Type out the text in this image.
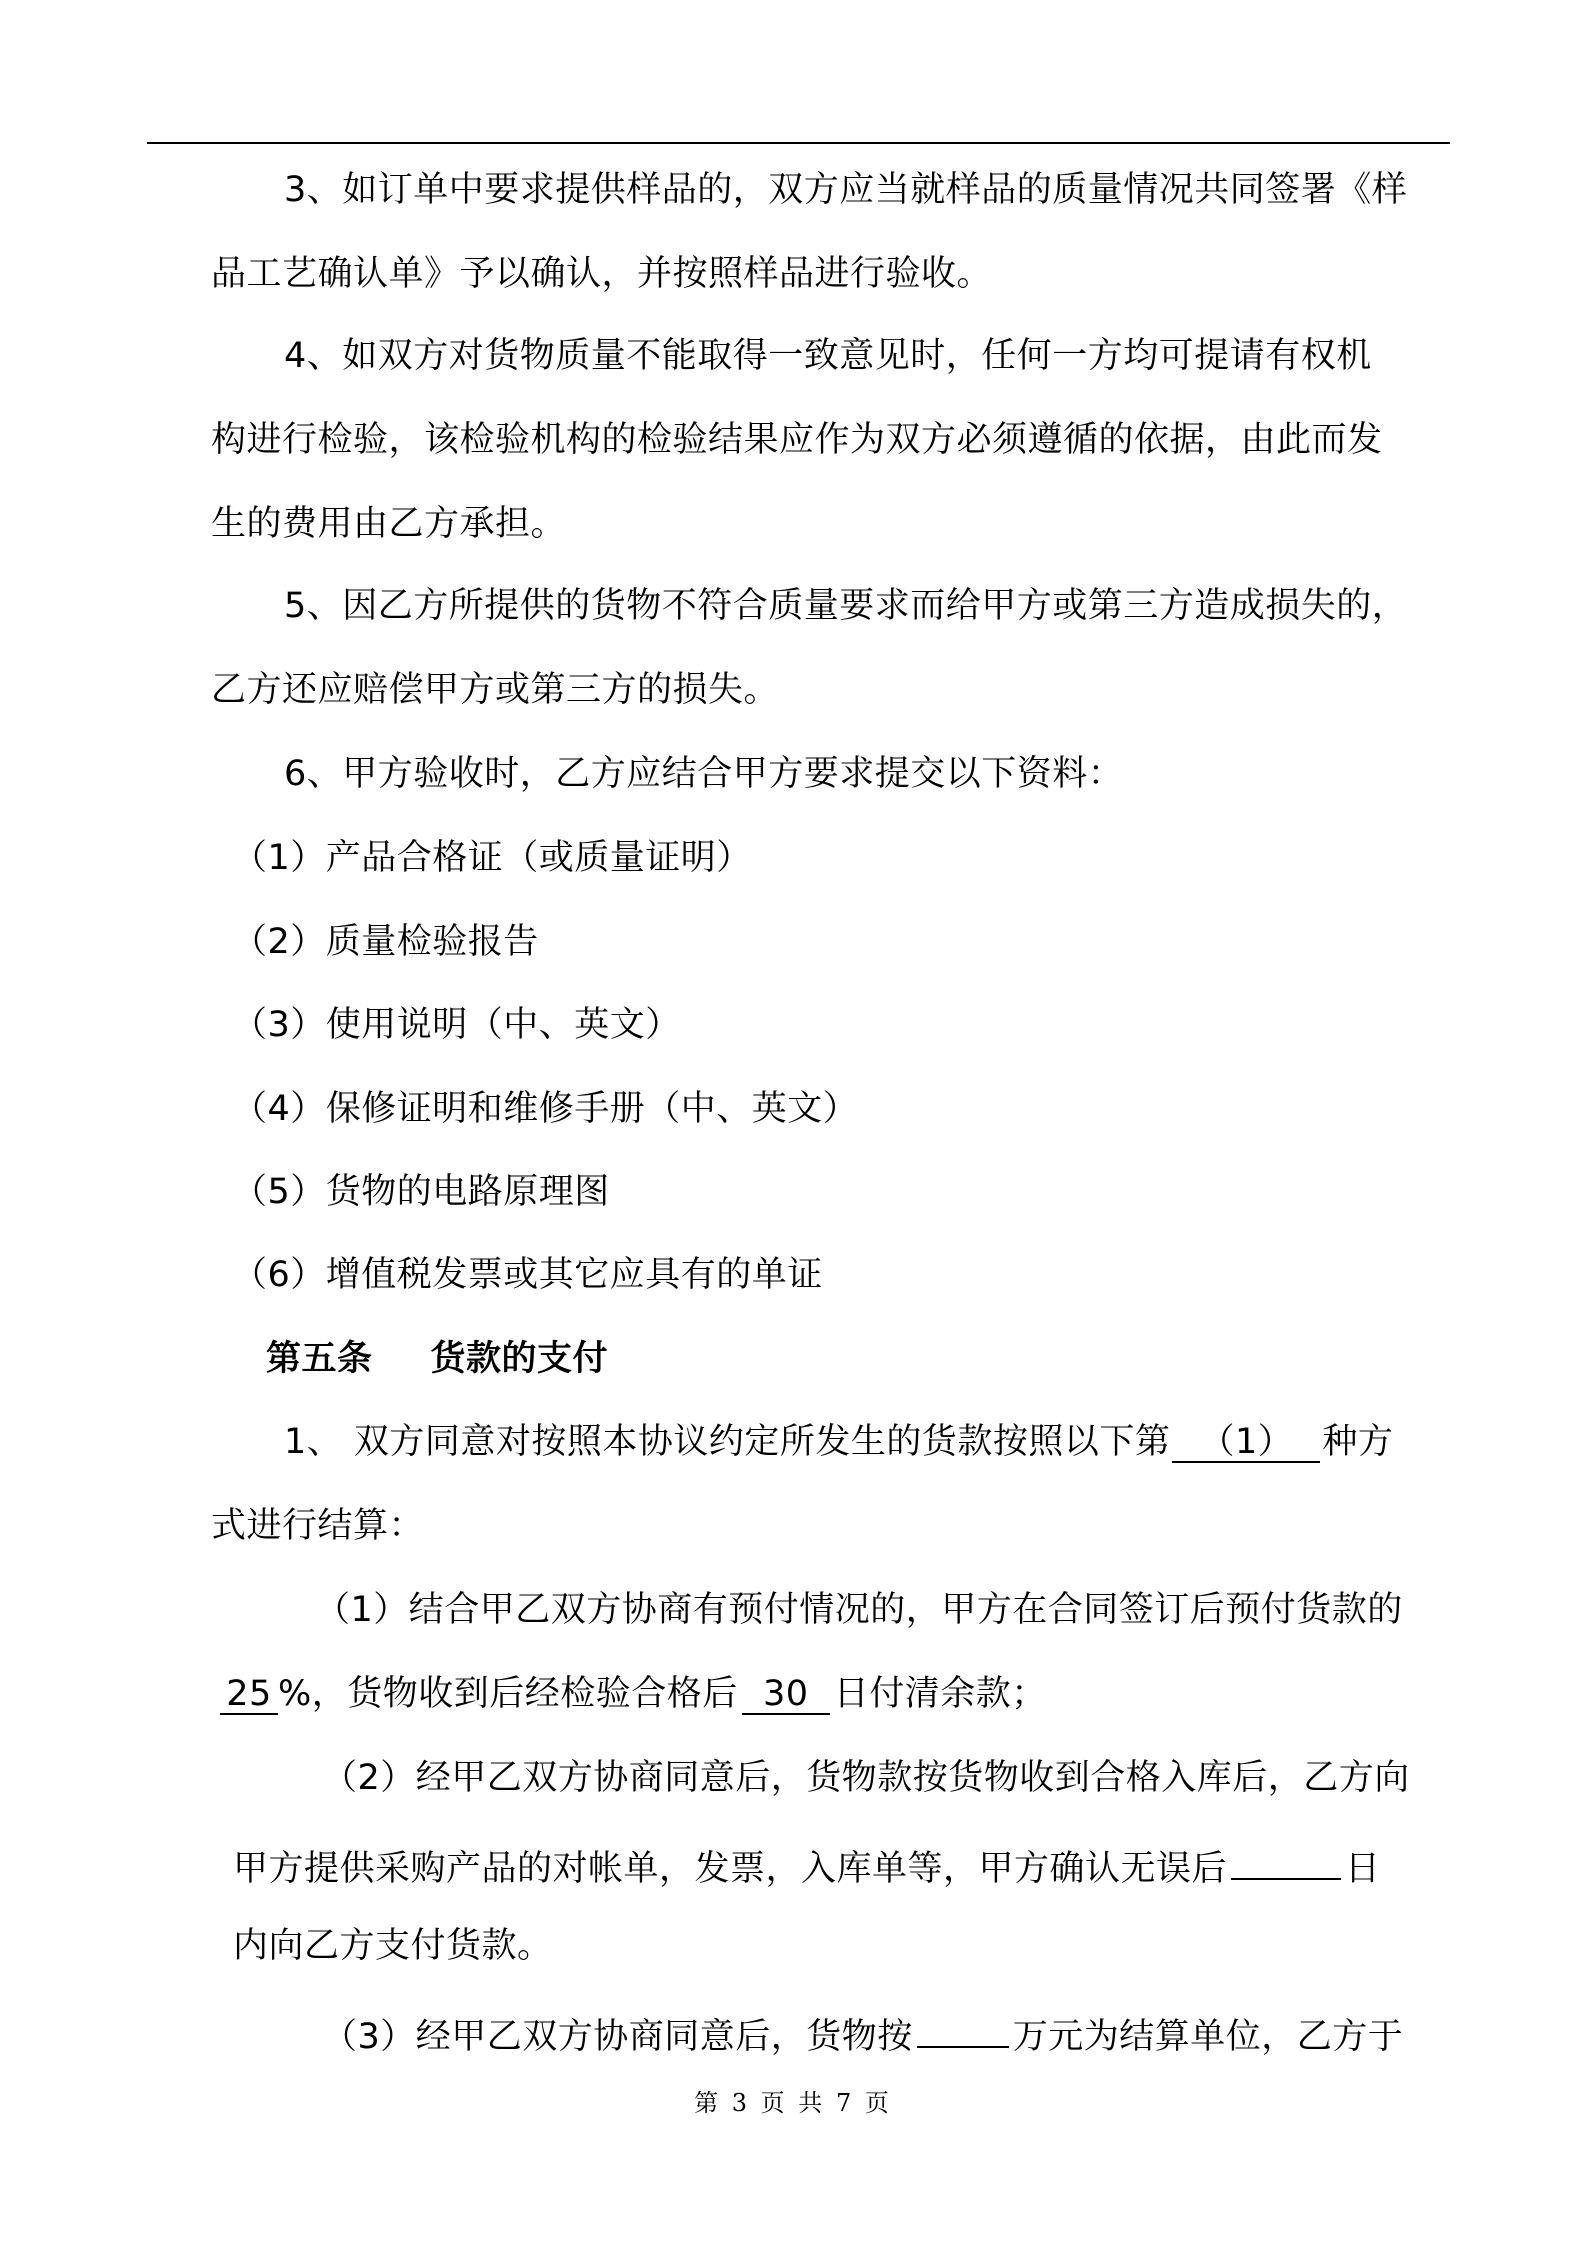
3、如订单中要求提供样品的，双方应当就样品的质量情况共同签署《样
品工艺确认单》予以确认，并按照样品进行验收。
4、如双方对货物质量不能取得一致意见时，任何一方均可提请有权机
构进行检验，该检验机构的检验结果应作为双方必须遵循的依据，由此而发
生的费用由乙方承担。
5、因乙方所提供的货物不符合质量要求而给甲方或第三方造成损失的，
乙方还应赔偿甲方或第三方的损失。
6、甲方验收时，乙方应结合甲方要求提交以下资料：
（1）产品合格证（或质量证明）
（2）质量检验报告
（3）使用说明（中、英文）
（4）保修证明和维修手册（中、英文）
（5）货物的电路原理图
（6）增值税发票或其它应具有的单证
第五条 货款的支付
1、 双方同意对按照本协议约定所发生的货款按照以下第 （1） 种方
式进行结算：
（1）结合甲乙双方协商有预付情况的，甲方在合同签订后预付货款的
25 %，货物收到后经检验合格后 30 日付清余款；
（2）经甲乙双方协商同意后，货物款按货物收到合格入库后，乙方向
甲方提供采购产品的对帐单，发票，入库单等，甲方确认无误后	日
内向乙方支付货款。
（3）经甲乙双方协商同意后，货物按	万元为结算单位，乙方于
第 3 页 共 7 页
